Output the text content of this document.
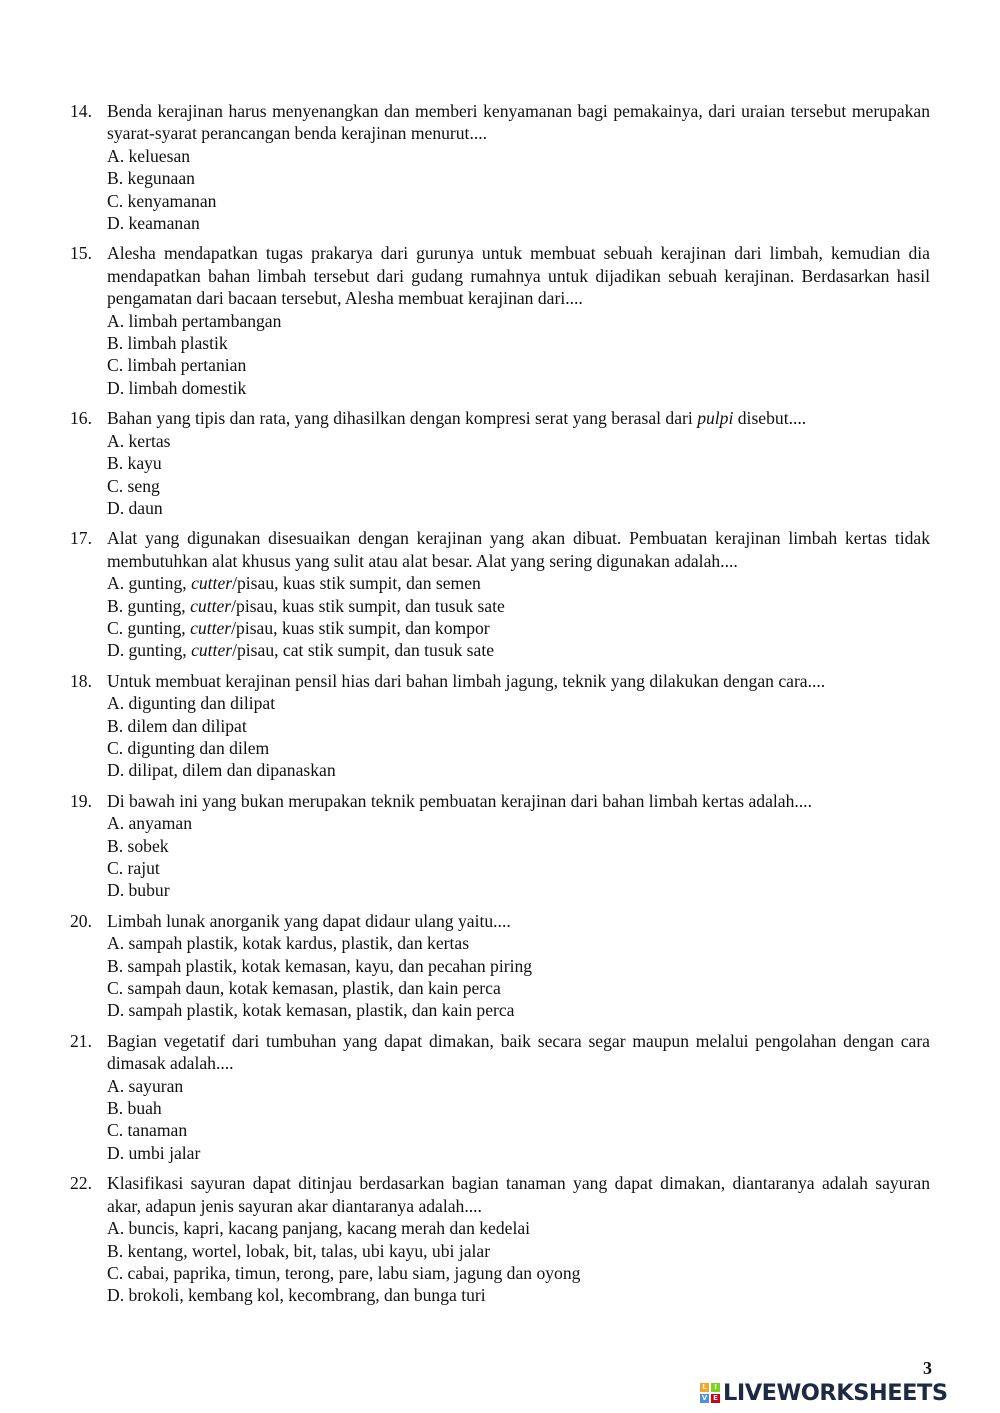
14. Benda kerajinan harus menyenangkan dan memberi kenyamanan bagi pemakainya, dari uraian tersebut merupakan syarat-syarat perancangan benda kerajinan menurut....
A. keluesan
B. kegunaan
C. kenyamanan
D. keamanan
15. Alesha mendapatkan tugas prakarya dari gurunya untuk membuat sebuah kerajinan dari limbah, kemudian dia mendapatkan bahan limbah tersebut dari gudang rumahnya untuk dijadikan sebuah kerajinan. Berdasarkan hasil pengamatan dari bacaan tersebut, Alesha membuat kerajinan dari....
A. limbah pertambangan
B. limbah plastik
C. limbah pertanian
D. limbah domestik
16. Bahan yang tipis dan rata, yang dihasilkan dengan kompresi serat yang berasal dari pulpi disebut....
A. kertas
B. kayu
C. seng
D. daun
17. Alat yang digunakan disesuaikan dengan kerajinan yang akan dibuat. Pembuatan kerajinan limbah kertas tidak membutuhkan alat khusus yang sulit atau alat besar. Alat yang sering digunakan adalah....
A. gunting, cutter/pisau, kuas stik sumpit, dan semen
B. gunting, cutter/pisau, kuas stik sumpit, dan tusuk sate
C. gunting, cutter/pisau, kuas stik sumpit, dan kompor
D. gunting, cutter/pisau, cat stik sumpit, dan tusuk sate
18. Untuk membuat kerajinan pensil hias dari bahan limbah jagung, teknik yang dilakukan dengan cara....
A. digunting dan dilipat
B. dilem dan dilipat
C. digunting dan dilem
D. dilipat, dilem dan dipanaskan
19. Di bawah ini yang bukan merupakan teknik pembuatan kerajinan dari bahan limbah kertas adalah....
A. anyaman
B. sobek
C. rajut
D. bubur
20. Limbah lunak anorganik yang dapat didaur ulang yaitu....
A. sampah plastik, kotak kardus, plastik, dan kertas
B. sampah plastik, kotak kemasan, kayu, dan pecahan piring
C. sampah daun, kotak kemasan, plastik, dan kain perca
D. sampah plastik, kotak kemasan, plastik, dan kain perca
21. Bagian vegetatif dari tumbuhan yang dapat dimakan, baik secara segar maupun melalui pengolahan dengan cara dimasak adalah....
A. sayuran
B. buah
C. tanaman
D. umbi jalar
22. Klasifikasi sayuran dapat ditinjau berdasarkan bagian tanaman yang dapat dimakan, diantaranya adalah sayuran akar, adapun jenis sayuran akar diantaranya adalah....
A. buncis, kapri, kacang panjang, kacang merah dan kedelai
B. kentang, wortel, lobak, bit, talas, ubi kayu, ubi jalar
C. cabai, paprika, timun, terong, pare, labu siam, jagung dan oyong
D. brokoli, kembang kol, kecombrang, dan bunga turi
3
L	I
V E LIVEWORKSHEETS
